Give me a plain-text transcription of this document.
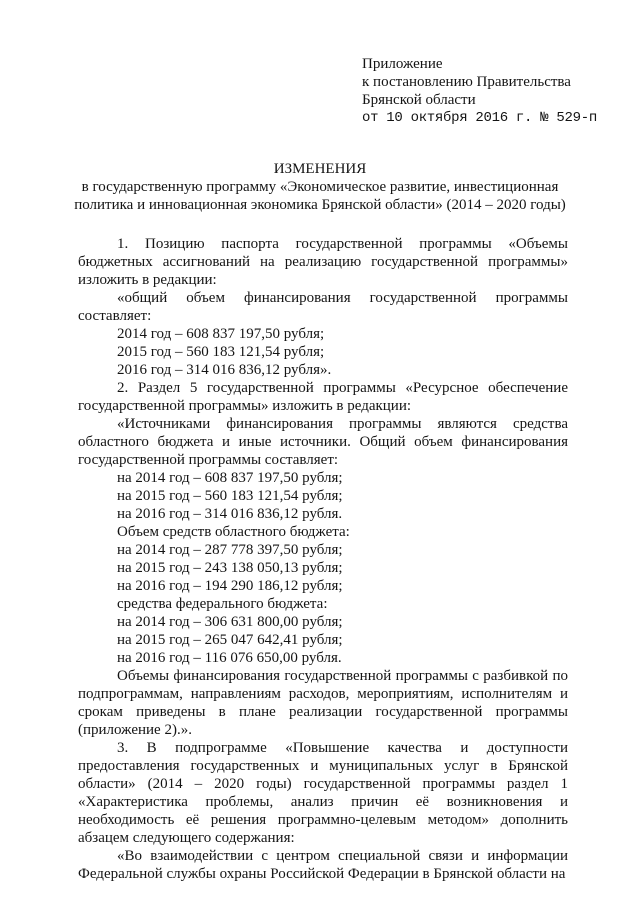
Приложение
к постановлению Правительства
Брянской области
от 10 октября 2016 г. № 529-п
ИЗМЕНЕНИЯ
в государственную программу «Экономическое развитие, инвестиционная
политика и инновационная экономика Брянской области» (2014 – 2020 годы)

1. Позицию паспорта государственной программы «Объемы бюджетных ассигнований на реализацию государственной программы» изложить в редакции:

«общий объем финансирования государственной программы составляет:

2014 год – 608 837 197,50 рубля;
2015 год – 560 183 121,54 рубля;
2016 год – 314 016 836,12 рубля».

2. Раздел 5 государственной программы «Ресурсное обеспечение государственной программы» изложить в редакции:

«Источниками финансирования программы являются средства областного бюджета и иные источники. Общий объем финансирования государственной программы составляет:

на 2014 год – 608 837 197,50 рубля;
на 2015 год – 560 183 121,54 рубля;
на 2016 год – 314 016 836,12 рубля.
Объем средств областного бюджета:
на 2014 год – 287 778 397,50 рубля;
на 2015 год – 243 138 050,13 рубля;
на 2016 год – 194 290 186,12 рубля;
средства федерального бюджета:
на 2014 год – 306 631 800,00 рубля;
на 2015 год – 265 047 642,41 рубля;
на 2016 год – 116 076 650,00 рубля.

Объемы финансирования государственной программы с разбивкой по подпрограммам, направлениям расходов, мероприятиям, исполнителям и срокам приведены в плане реализации государственной программы (приложение 2).».

3. В подпрограмме «Повышение качества и доступности предоставления государственных и муниципальных услуг в Брянской области» (2014 – 2020 годы) государственной программы раздел 1 «Характеристика проблемы, анализ причин её возникновения и необходимость её решения программно-целевым методом» дополнить абзацем следующего содержания:

«Во взаимодействии с центром специальной связи и информации Федеральной службы охраны Российской Федерации в Брянской области на
